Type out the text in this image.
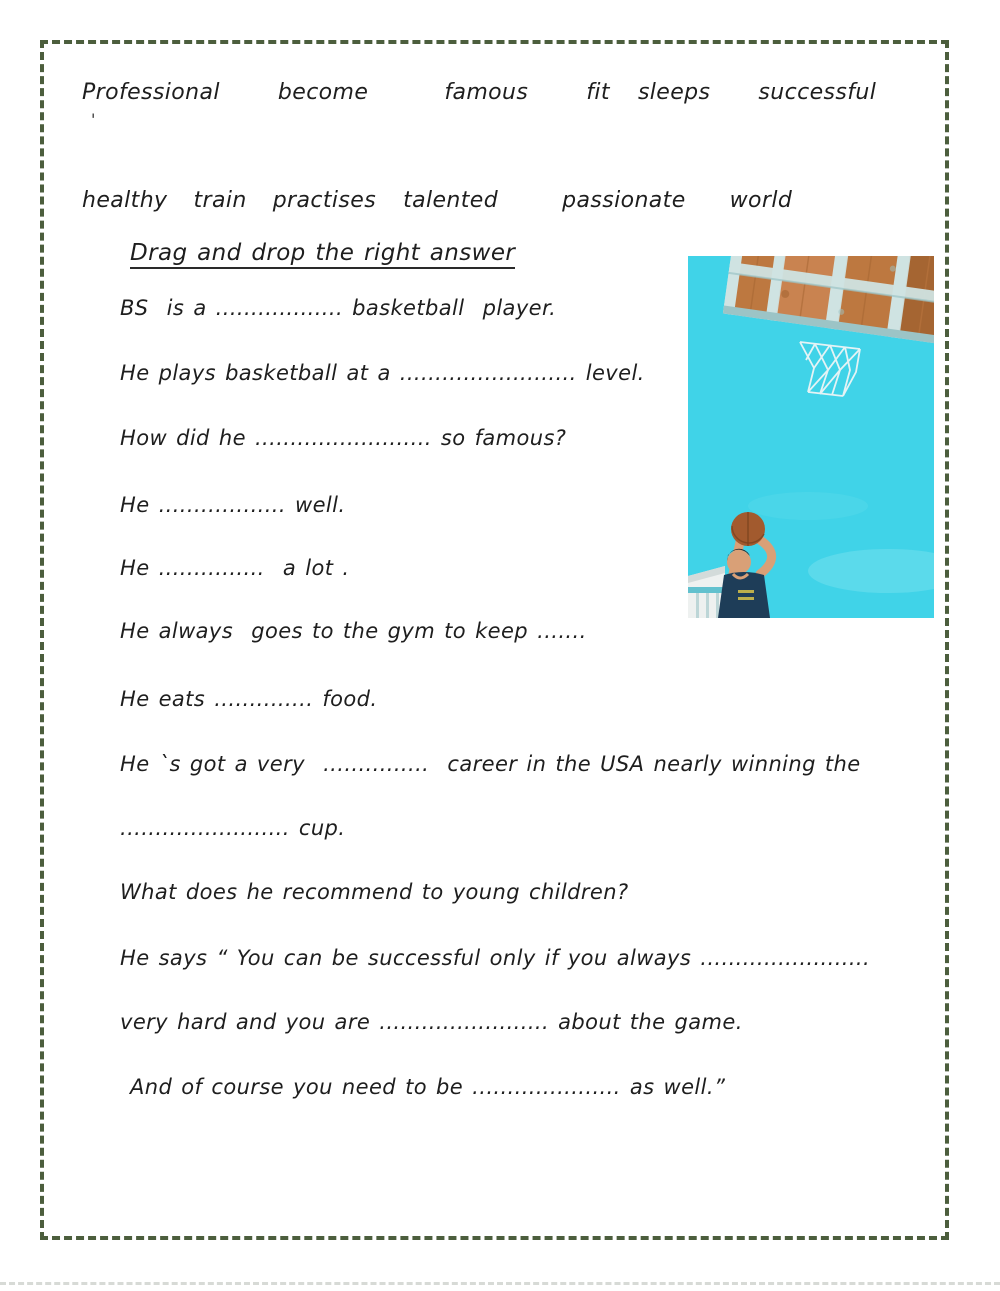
Professional	become	famous	fit sleeps successful
'
healthy train practises talented	passionate world
Drag and drop the right answer
BS  is a .................. basketball  player.
He plays basketball at a ......................... level.
How did he ......................... so famous?
He .................. well.
He ...............  a lot .
He always  goes to the gym to keep .......
He eats .............. food.
He `s got a very  ...............  career in the USA nearly winning the
........................ cup.
What does he recommend to young children?
He says “ You can be successful only if you always ........................
very hard and you are ........................ about the game.
And of course you need to be ..................... as well.”
